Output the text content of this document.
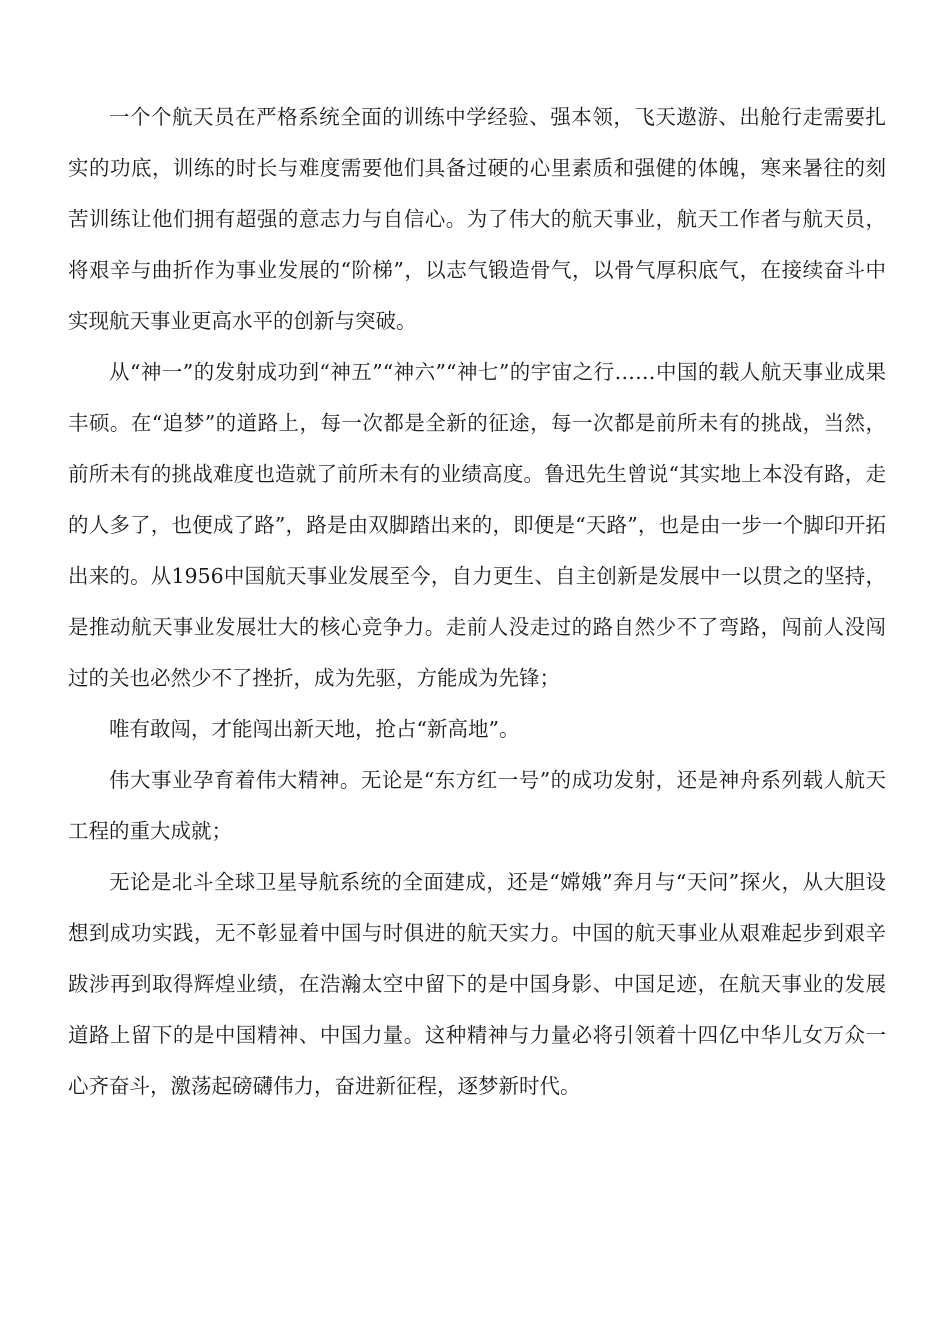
一个个航天员在严格系统全面的训练中学经验、强本领，飞天遨游、出舱行走需要扎实的功底，训练的时长与难度需要他们具备过硬的心里素质和强健的体魄，寒来暑往的刻苦训练让他们拥有超强的意志力与自信心。为了伟大的航天事业，航天工作者与航天员，将艰辛与曲折作为事业发展的“阶梯”，以志气锻造骨气，以骨气厚积底气，在接续奋斗中实现航天事业更高水平的创新与突破。

从“神一”的发射成功到“神五”“神六”“神七”的宇宙之行……中国的载人航天事业成果丰硕。在“追梦”的道路上，每一次都是全新的征途，每一次都是前所未有的挑战，当然，前所未有的挑战难度也造就了前所未有的业绩高度。鲁迅先生曾说“其实地上本没有路，走的人多了，也便成了路”，路是由双脚踏出来的，即便是“天路”，也是由一步一个脚印开拓出来的。从1956中国航天事业发展至今，自力更生、自主创新是发展中一以贯之的坚持，是推动航天事业发展壮大的核心竞争力。走前人没走过的路自然少不了弯路，闯前人没闯过的关也必然少不了挫折，成为先驱，方能成为先锋；

唯有敢闯，才能闯出新天地，抢占“新高地”。

伟大事业孕育着伟大精神。无论是“东方红一号”的成功发射，还是神舟系列载人航天工程的重大成就；

无论是北斗全球卫星导航系统的全面建成，还是“嫦娥”奔月与“天问”探火，从大胆设想到成功实践，无不彰显着中国与时俱进的航天实力。中国的航天事业从艰难起步到艰辛跋涉再到取得辉煌业绩，在浩瀚太空中留下的是中国身影、中国足迹，在航天事业的发展道路上留下的是中国精神、中国力量。这种精神与力量必将引领着十四亿中华儿女万众一心齐奋斗，激荡起磅礴伟力，奋进新征程，逐梦新时代。
